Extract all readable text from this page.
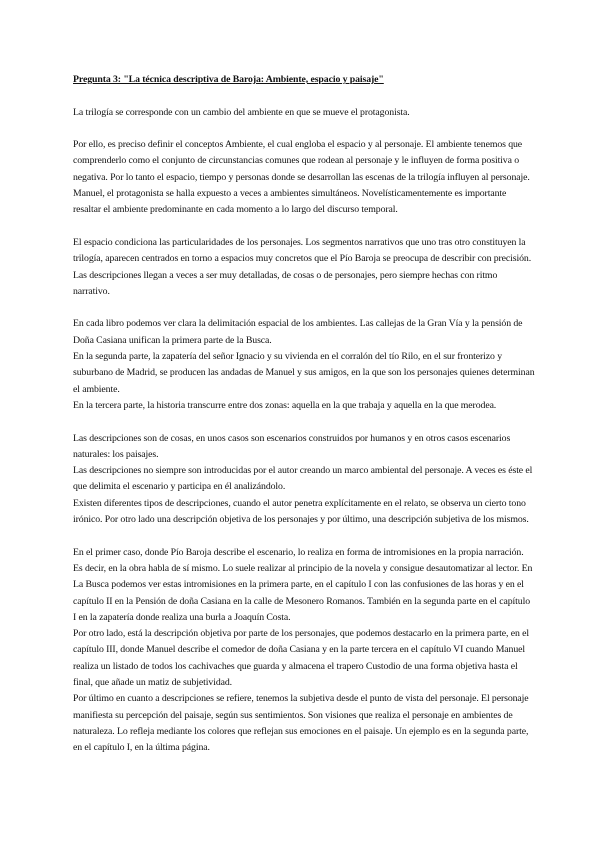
Pregunta 3: "La técnica descriptiva de Baroja: Ambiente, espacio y paisaje"

La trilogía se corresponde con un cambio del ambiente en que se mueve el protagonista.

Por ello, es preciso definir el conceptos Ambiente, el cual engloba el espacio y al personaje. El ambiente tenemos que comprenderlo como el conjunto de circunstancias comunes que rodean al personaje y le influyen de forma positiva o negativa. Por lo tanto el espacio, tiempo y personas donde se desarrollan las escenas de la trilogía influyen al personaje. Manuel, el protagonista se halla expuesto a veces a ambientes simultáneos. Novelísticamentemente es importante resaltar el ambiente predominante en cada momento a lo largo del discurso temporal.

El espacio condiciona las particularidades de los personajes. Los segmentos narrativos que uno tras otro constituyen la trilogía, aparecen centrados en torno a espacios muy concretos que el Pío Baroja se preocupa de describir con precisión. Las descripciones llegan a veces a ser muy detalladas, de cosas o de personajes, pero siempre hechas con ritmo narrativo.

En cada libro podemos ver clara la delimitación espacial de los ambientes. Las callejas de la Gran Vía y la pensión de Doña Casiana unifican la primera parte de la Busca.

En la segunda parte, la zapatería del señor Ignacio y su vivienda en el corralón del tío Rilo, en el sur fronterizo y suburbano de Madrid, se producen las andadas de Manuel y sus amigos, en la que son los personajes quienes determinan el ambiente.

En la tercera parte, la historia transcurre entre dos zonas: aquella en la que trabaja y aquella en la que merodea.

Las descripciones son de cosas, en unos casos son escenarios construidos por humanos y en otros casos escenarios naturales: los paisajes.

Las descripciones no siempre son introducidas por el autor creando un marco ambiental del personaje. A veces es éste el que delimita el escenario y participa en él analizándolo.

Existen diferentes tipos de descripciones, cuando el autor penetra explícitamente en el relato, se observa un cierto tono irónico. Por otro lado una descripción objetiva de los personajes y por último, una descripción subjetiva de los mismos.

En el primer caso, donde Pío Baroja describe el escenario, lo realiza en forma de intromisiones en la propia narración. Es decir, en la obra habla de sí mismo. Lo suele realizar al principio de la novela y consigue desautomatizar al lector. En La Busca podemos ver estas intromisiones en la primera parte, en el capítulo I con las confusiones de las horas y en el capítulo II en la Pensión de doña Casiana en la calle de Mesonero Romanos. También en la segunda parte en el capítulo I en la zapatería donde realiza una burla a Joaquín Costa.

Por otro lado, está la descripción objetiva por parte de los personajes, que podemos destacarlo en la primera parte, en el capítulo III, donde Manuel describe el comedor de doña Casiana y en la parte tercera en el capítulo VI cuando Manuel realiza un listado de todos los cachivaches que guarda y almacena el trapero Custodio de una forma objetiva hasta el final, que añade un matiz de subjetividad.

Por último en cuanto a descripciones se refiere, tenemos la subjetiva desde el punto de vista del personaje. El personaje manifiesta su percepción del paisaje, según sus sentimientos. Son visiones que realiza el personaje en ambientes de naturaleza. Lo refleja mediante los colores que reflejan sus emociones en el paisaje. Un ejemplo es en la segunda parte, en el capítulo I, en la última página.
